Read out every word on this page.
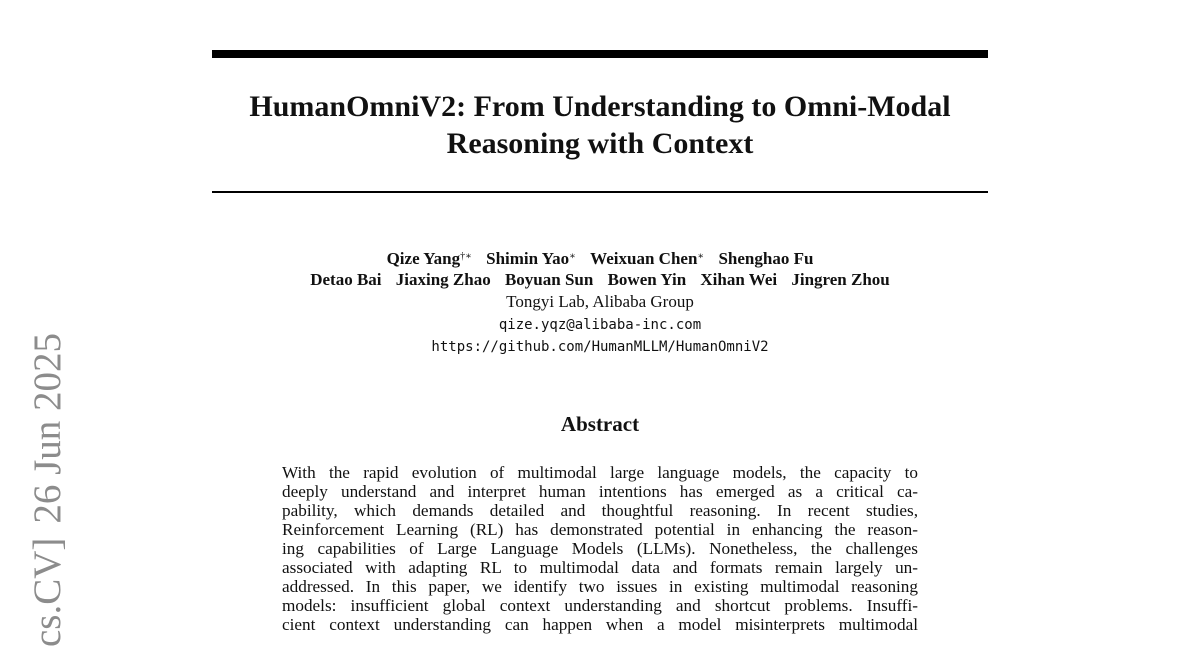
HumanOmniV2: From Understanding to Omni-Modal
Reasoning with Context
Qize Yang†∗ Shimin Yao∗ Weixuan Chen∗ Shenghao Fu
Detao Bai Jiaxing Zhao Boyuan Sun Bowen Yin Xihan Wei Jingren Zhou
Tongyi Lab, Alibaba Group
qize.yqz@alibaba-inc.com
https://github.com/HumanMLLM/HumanOmniV2
Abstract
With the rapid evolution of multimodal large language models, the capacity to
deeply understand and interpret human intentions has emerged as a critical ca-
pability, which demands detailed and thoughtful reasoning. In recent studies,
Reinforcement Learning (RL) has demonstrated potential in enhancing the reason-
ing capabilities of Large Language Models (LLMs). Nonetheless, the challenges
associated with adapting RL to multimodal data and formats remain largely un-
addressed. In this paper, we identify two issues in existing multimodal reasoning
models: insufficient global context understanding and shortcut problems. Insuffi-
cient context understanding can happen when a model misinterprets multimodal
cs.CV]26 Jun 2025
